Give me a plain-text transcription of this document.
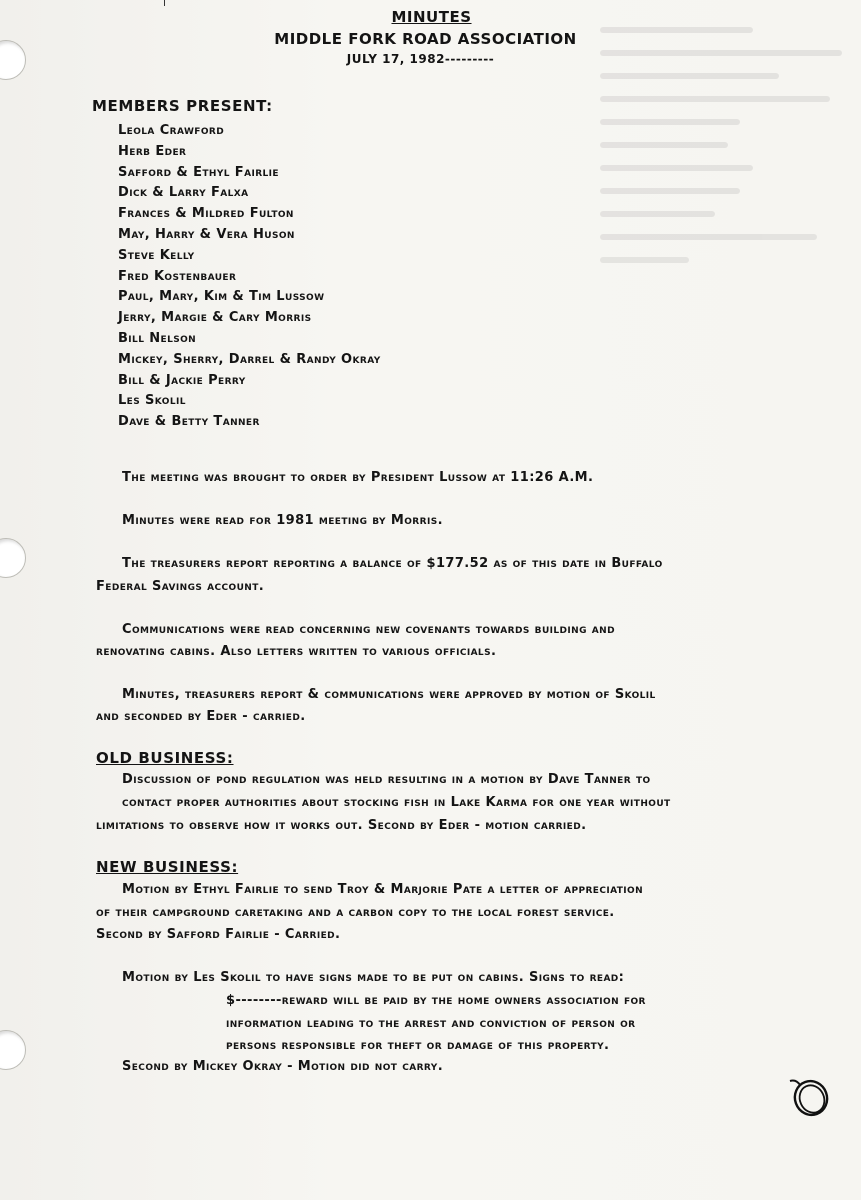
MINUTES
MIDDLE FORK ROAD ASSOCIATION
JULY 17, 1982---------
MEMBERS PRESENT:
Leola Crawford
Herb Eder
Safford & Ethyl Fairlie
Dick & Larry Falxa
Frances & Mildred Fulton
May, Harry & Vera Huson
Steve Kelly
Fred Kostenbauer
Paul, Mary, Kim & Tim Lussow
Jerry, Margie & Cary Morris
Bill Nelson
Mickey, Sherry, Darrel & Randy Okray
Bill & Jackie Perry
Les Skolil
Dave & Betty Tanner
The meeting was brought to order by President Lussow at 11:26 A.M.
Minutes were read for 1981 meeting by Morris.
The treasurers report reporting a balance of $177.52 as of this date in Buffalo
Federal Savings account.
Communications were read concerning new covenants towards building and
renovating cabins. Also letters written to various officials.
Minutes, treasurers report & communications were approved by motion of Skolil
and seconded by Eder - carried.
OLD BUSINESS:
Discussion of pond regulation was held resulting in a motion by Dave Tanner to
contact proper authorities about stocking fish in Lake Karma for one year without
limitations to observe how it works out. Second by Eder - motion carried.
NEW BUSINESS:
Motion by Ethyl Fairlie to send Troy & Marjorie Pate a letter of appreciation
of their campground caretaking and a carbon copy to the local forest service.
Second by Safford Fairlie - Carried.
Motion by Les Skolil to have signs made to be put on cabins. Signs to read:
$--------reward will be paid by the home owners association for
information leading to the arrest and conviction of person or
persons responsible for theft or damage of this property.
Second by Mickey Okray - Motion did not carry.
